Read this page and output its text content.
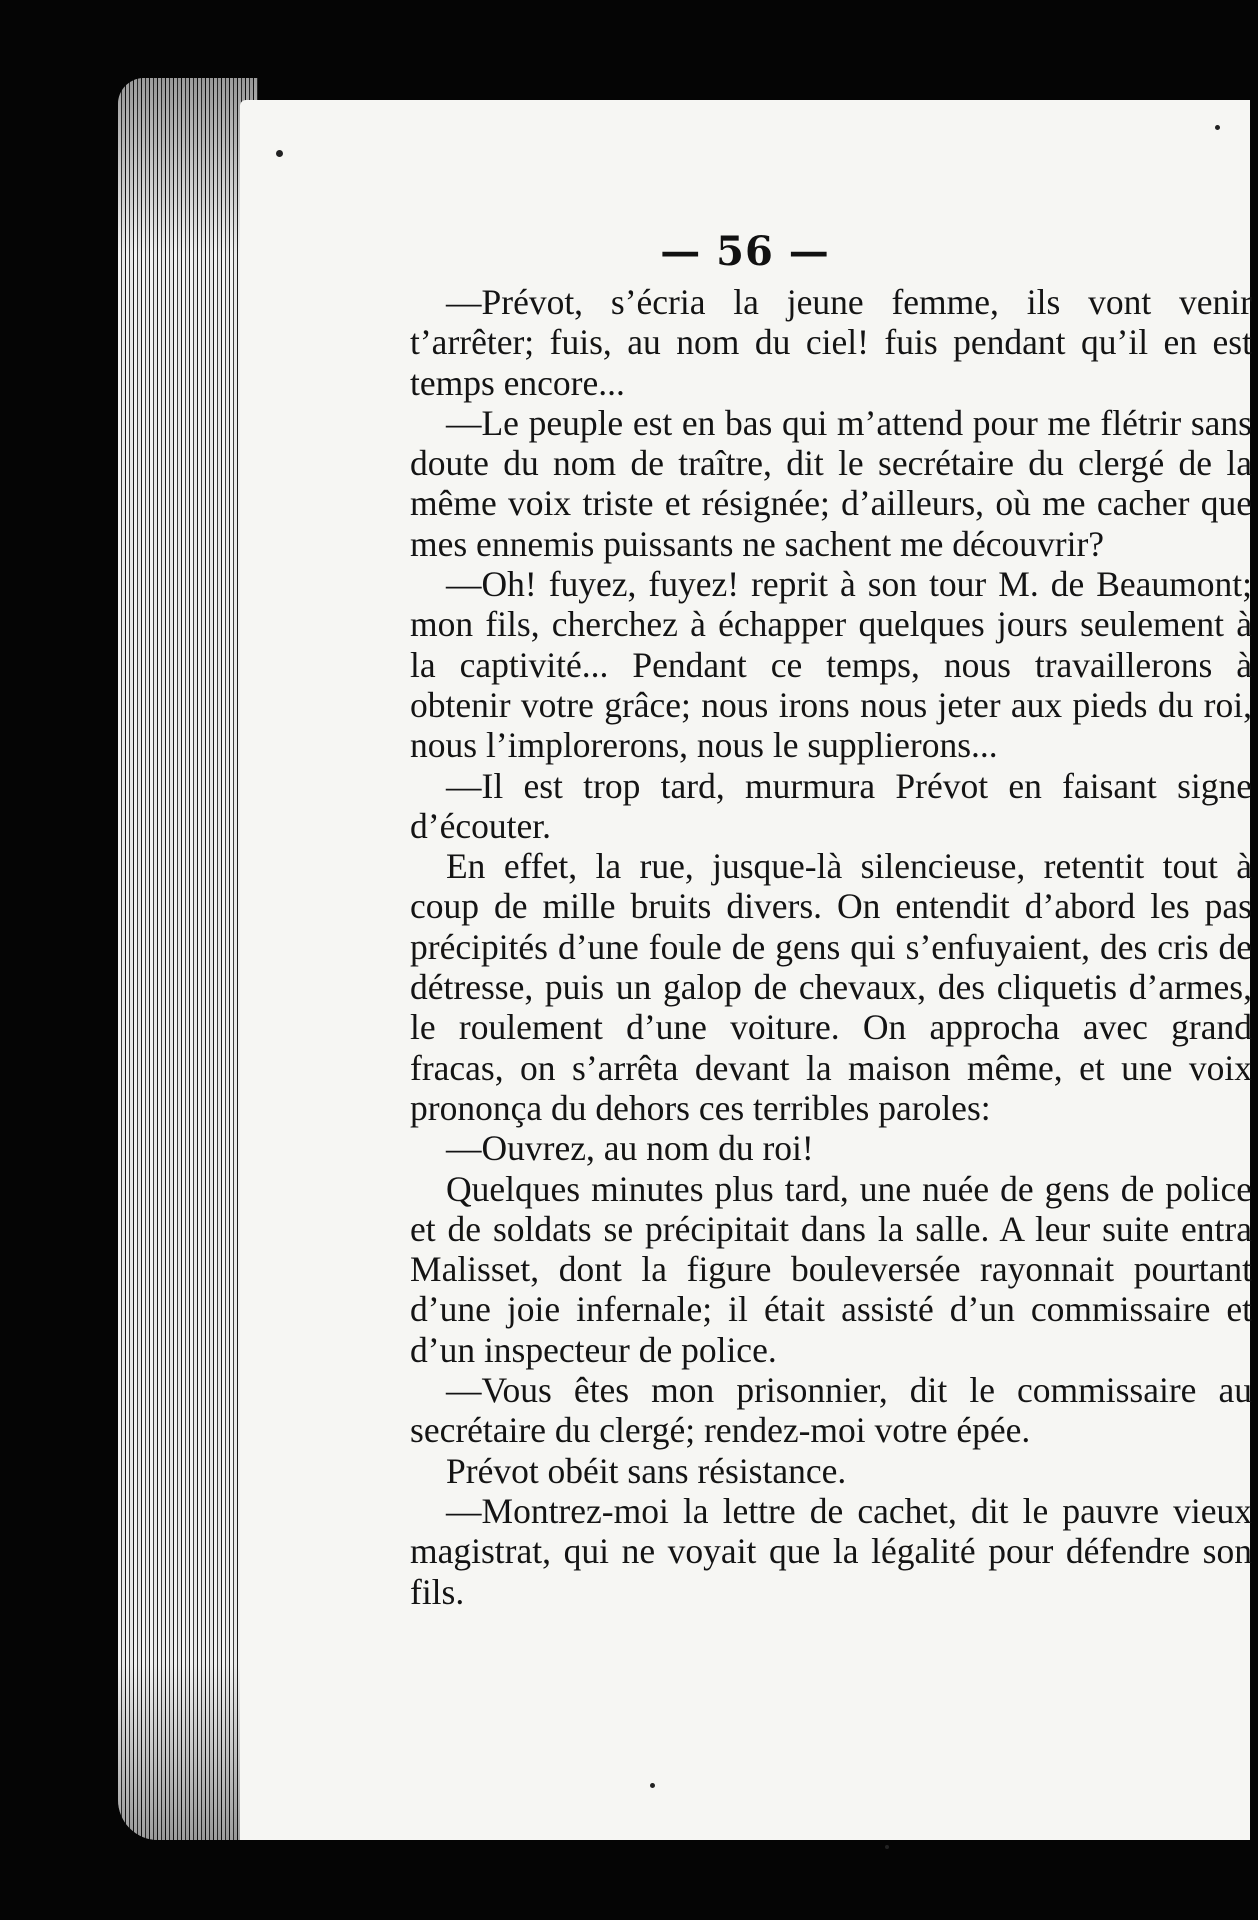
— 56 —

—Prévot, s’écria la jeune femme, ils vont venir t’arrêter; fuis, au nom du ciel! fuis pendant qu’il en est temps encore...

—Le peuple est en bas qui m’attend pour me flétrir sans doute du nom de traître, dit le secrétaire du clergé de la même voix triste et résignée; d’ailleurs, où me cacher que mes ennemis puissants ne sachent me découvrir?

—Oh! fuyez, fuyez! reprit à son tour M. de Beaumont; mon fils, cherchez à échapper quelques jours seulement à la captivité... Pendant ce temps, nous travaillerons à obtenir votre grâce; nous irons nous jeter aux pieds du roi, nous l’implorerons, nous le supplierons...

—Il est trop tard, murmura Prévot en faisant signe d’écouter.

En effet, la rue, jusque-là silencieuse, retentit tout à coup de mille bruits divers. On entendit d’abord les pas précipités d’une foule de gens qui s’enfuyaient, des cris de détresse, puis un galop de chevaux, des cliquetis d’armes, le roulement d’une voiture. On approcha avec grand fracas, on s’arrêta devant la maison même, et une voix prononça du dehors ces terribles paroles:

—Ouvrez, au nom du roi!

Quelques minutes plus tard, une nuée de gens de police et de soldats se précipitait dans la salle. A leur suite entra Malisset, dont la figure bouleversée rayonnait pourtant d’une joie infernale; il était assisté d’un commissaire et d’un inspecteur de police.

—Vous êtes mon prisonnier, dit le commissaire au secrétaire du clergé; rendez-moi votre épée.

Prévot obéit sans résistance.

—Montrez-moi la lettre de cachet, dit le pauvre vieux magistrat, qui ne voyait que la légalité pour défendre son fils.
